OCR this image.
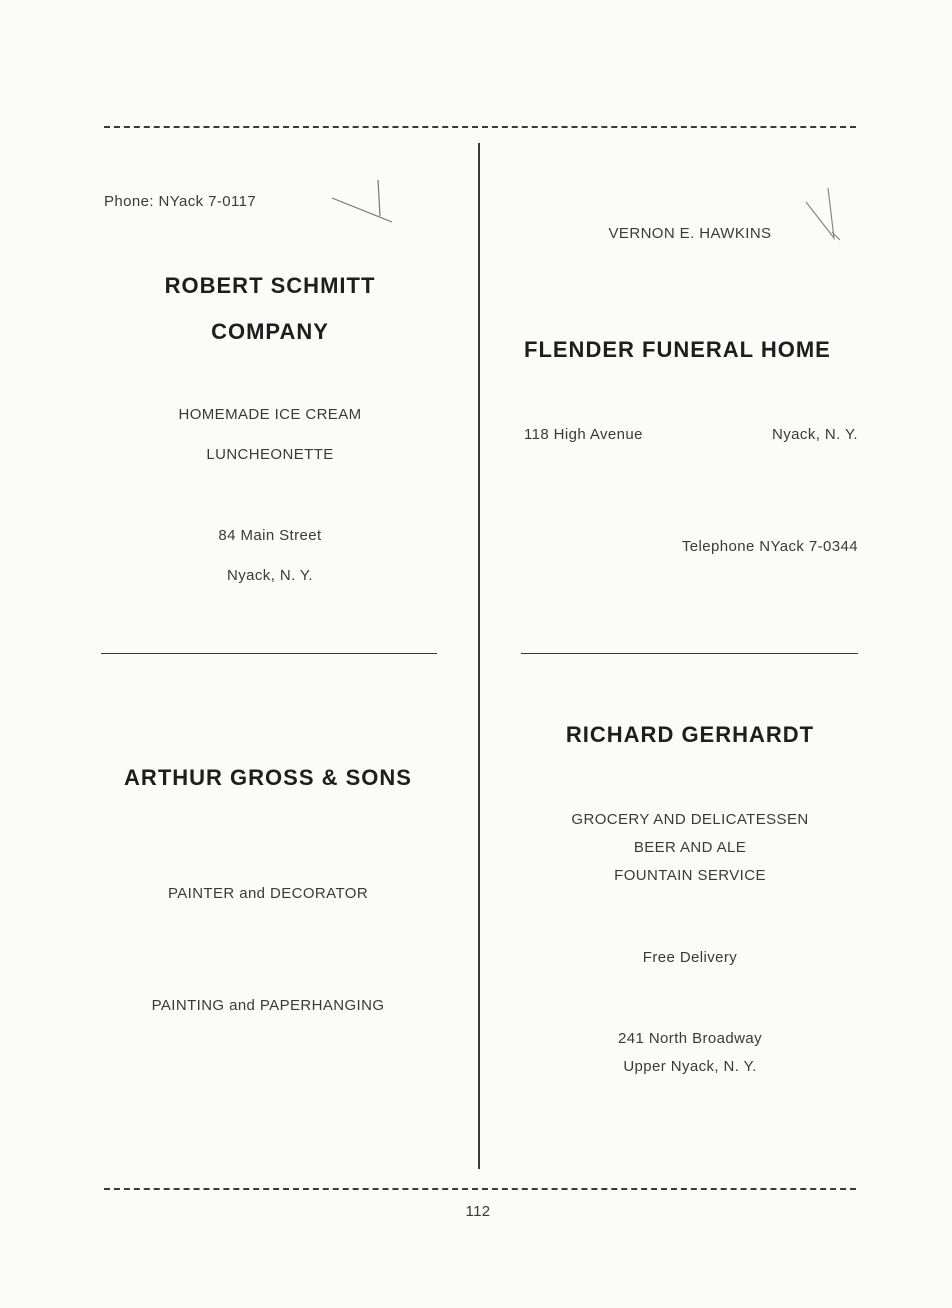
Phone: NYack 7-0117
ROBERT SCHMITT
COMPANY
HOMEMADE ICE CREAM
LUNCHEONETTE
84 Main Street
Nyack, N. Y.
VERNON E. HAWKINS
FLENDER FUNERAL HOME
118 High Avenue	Nyack, N. Y.
Telephone NYack 7-0344
ARTHUR GROSS & SONS
PAINTER and DECORATOR
PAINTING and PAPERHANGING
RICHARD GERHARDT
GROCERY AND DELICATESSEN
BEER AND ALE
FOUNTAIN SERVICE
Free Delivery
241 North Broadway
Upper Nyack, N. Y.
112
